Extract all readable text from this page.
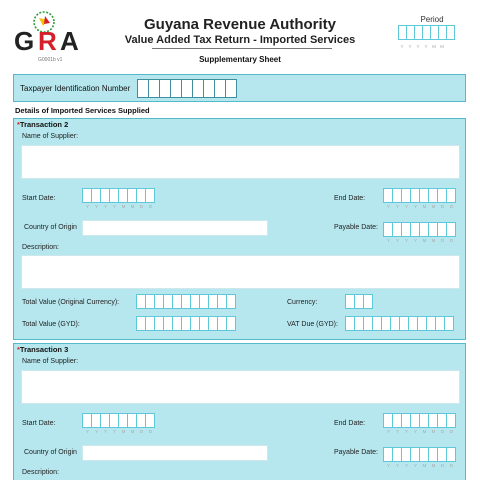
G R A
G0001b v1
Guyana Revenue Authority
Value Added Tax Return - Imported Services
Supplementary Sheet
Period
Y	Y	Y	Y	M M
Taxpayer Identification Number
Details of Imported Services Supplied
*Transaction 2
Name of Supplier:
Start Date:
Y	Y	Y	Y	M	M	D	D
End Date:
Y	Y	Y	Y	M	M	D	D
Country of Origin	Payable Date:
Y	Y	Y	Y	M	M	D	D
Description:
Total Value (Original Currency):	Currency:
Total Value (GYD):	VAT Due (GYD):
*Transaction 3
Name of Supplier:
Start Date:
Y	Y	Y	Y	M	M	D	D
End Date:
Y	Y	Y	Y	M	M	D	D
Country of Origin	Payable Date:
Y	Y	Y	Y	M	M	D	D
Description:
